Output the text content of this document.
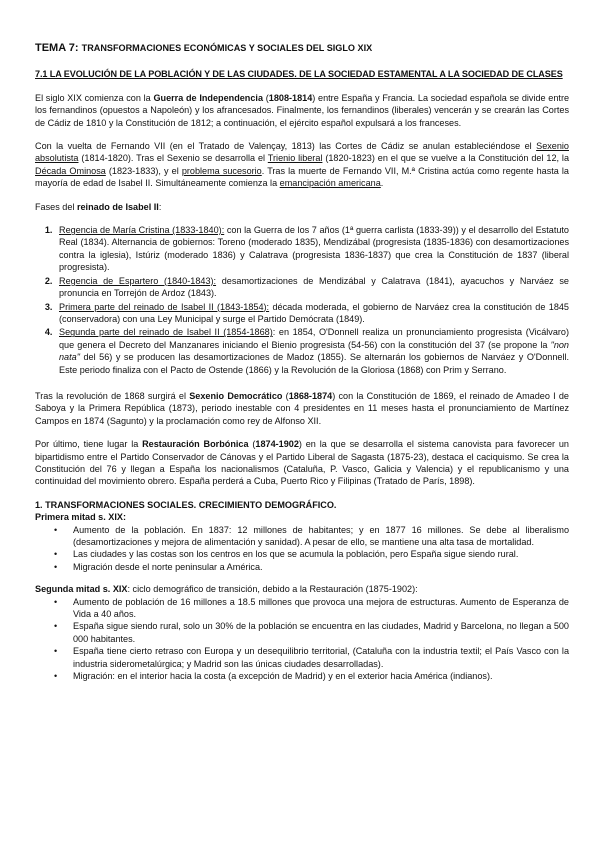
TEMA 7: TRANSFORMACIONES ECONÓMICAS Y SOCIALES DEL SIGLO XIX
7.1 LA EVOLUCIÓN DE LA POBLACIÓN Y DE LAS CIUDADES. DE LA SOCIEDAD ESTAMENTAL A LA SOCIEDAD DE CLASES

El siglo XIX comienza con la Guerra de Independencia (1808-1814) entre España y Francia. La sociedad española se divide entre los fernandinos (opuestos a Napoleón) y los afrancesados. Finalmente, los fernandinos (liberales) vencerán y se crearán las Cortes de Cádiz de 1810 y la Constitución de 1812; a continuación, el ejército español expulsará a los franceses.

Con la vuelta de Fernando VII (en el Tratado de Valençay, 1813) las Cortes de Cádiz se anulan estableciéndose el Sexenio absolutista (1814-1820). Tras el Sexenio se desarrolla el Trienio liberal (1820-1823) en el que se vuelve a la Constitución del 12, la Década Ominosa (1823-1833), y el problema sucesorio. Tras la muerte de Fernando VII, M.ª Cristina actúa como regente hasta la mayoría de edad de Isabel II. Simultáneamente comienza la emancipación americana.

Fases del reinado de Isabel II:

1. Regencia de María Cristina (1833-1840): con la Guerra de los 7 años (1ª guerra carlista (1833-39)) y el desarrollo del Estatuto Real (1834). Alternancia de gobiernos: Toreno (moderado 1835), Mendizábal (progresista (1835-1836) con desamortizaciones contra la iglesia), Istúriz (moderado 1836) y Calatrava (progresista 1836-1837) que crea la Constitución de 1837 (liberal progresista).
2. Regencia de Espartero (1840-1843): desamortizaciones de Mendizábal y Calatrava (1841), ayacuchos y Narváez se pronuncia en Torrejón de Ardoz (1843).
3. Primera parte del reinado de Isabel II (1843-1854): década moderada, el gobierno de Narváez crea la constitución de 1845 (conservadora) con una Ley Municipal y surge el Partido Demócrata (1849).
4. Segunda parte del reinado de Isabel II (1854-1868): en 1854, O'Donnell realiza un pronunciamiento progresista (Vicálvaro) que genera el Decreto del Manzanares iniciando el Bienio progresista (54-56) con la constitución del 37 (se propone la "non nata" del 56) y se producen las desamortizaciones de Madoz (1855). Se alternarán los gobiernos de Narváez y O'Donnell. Este periodo finaliza con el Pacto de Ostende (1866) y la Revolución de la Gloriosa (1868) con Prim y Serrano.

Tras la revolución de 1868 surgirá el Sexenio Democrático (1868-1874) con la Constitución de 1869, el reinado de Amadeo I de Saboya y la Primera República (1873), periodo inestable con 4 presidentes en 11 meses hasta el pronunciamiento de Martínez Campos en 1874 (Sagunto) y la proclamación como rey de Alfonso XII.

Por último, tiene lugar la Restauración Borbónica (1874-1902) en la que se desarrolla el sistema canovista para favorecer un bipartidismo entre el Partido Conservador de Cánovas y el Partido Liberal de Sagasta (1875-23), destaca el caciquismo. Se crea la Constitución del 76 y llegan a España los nacionalismos (Cataluña, P. Vasco, Galicia y Valencia) y el republicanismo y una continuidad del movimiento obrero. España perderá a Cuba, Puerto Rico y Filipinas (Tratado de París, 1898).

1. TRANSFORMACIONES SOCIALES. CRECIMIENTO DEMOGRÁFICO.
Primera mitad s. XIX:
• Aumento de la población. En 1837: 12 millones de habitantes; y en 1877 16 millones. Se debe al liberalismo (desamortizaciones y mejora de alimentación y sanidad). A pesar de ello, se mantiene una alta tasa de mortalidad.
• Las ciudades y las costas son los centros en los que se acumula la población, pero España sigue siendo rural.
• Migración desde el norte peninsular a América.
Segunda mitad s. XIX: ciclo demográfico de transición, debido a la Restauración (1875-1902):
• Aumento de población de 16 millones a 18.5 millones que provoca una mejora de estructuras. Aumento de Esperanza de Vida a 40 años.
• España sigue siendo rural, solo un 30% de la población se encuentra en las ciudades, Madrid y Barcelona, no llegan a 500 000 habitantes.
• España tiene cierto retraso con Europa y un desequilibrio territorial, (Cataluña con la industria textil; el País Vasco con la industria siderometalúrgica; y Madrid son las únicas ciudades desarrolladas).
• Migración: en el interior hacia la costa (a excepción de Madrid) y en el exterior hacia América (indianos).
